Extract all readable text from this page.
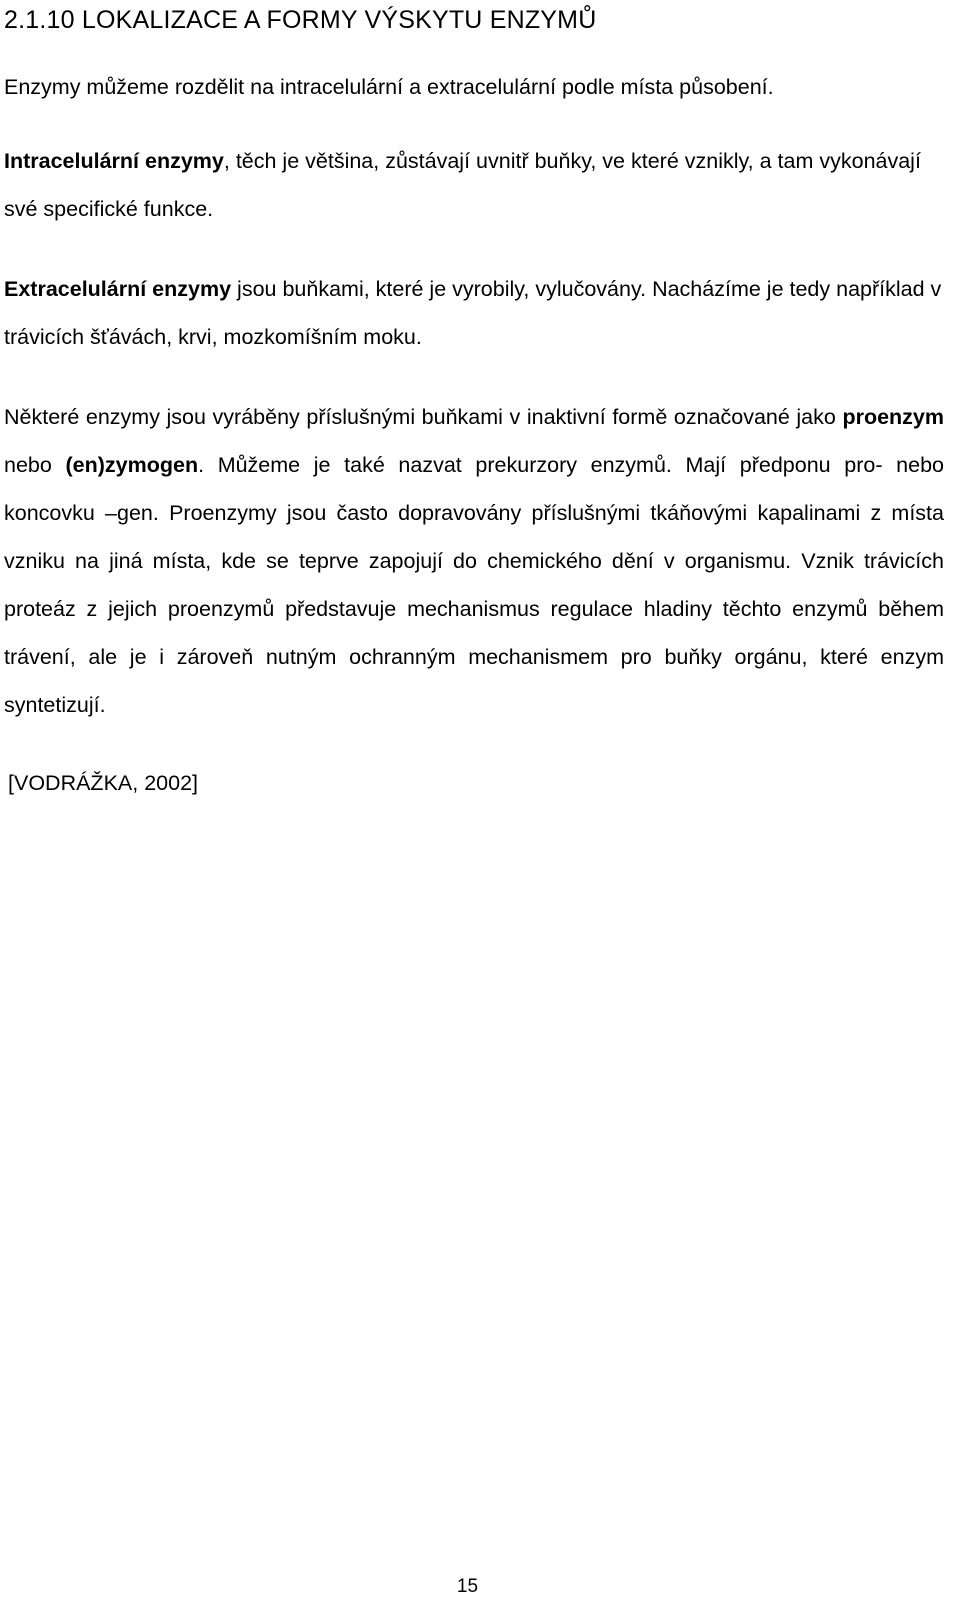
2.1.10 LOKALIZACE A FORMY VÝSKYTU ENZYMŮ

Enzymy můžeme rozdělit na intracelulární a extracelulární podle místa působení.

Intracelulární enzymy, těch je většina, zůstávají uvnitř buňky, ve které vznikly, a tam vykonávají své specifické funkce.

Extracelulární enzymy jsou buňkami, které je vyrobily, vylučovány. Nacházíme je tedy například v trávicích šťávách, krvi, mozkomíšním moku.

Některé enzymy jsou vyráběny příslušnými buňkami v inaktivní formě označované jako proenzym nebo (en)zymogen. Můžeme je také nazvat prekurzory enzymů. Mají předponu pro- nebo koncovku –gen. Proenzymy jsou často dopravovány příslušnými tkáňovými kapalinami z místa vzniku na jiná místa, kde se teprve zapojují do chemického dění v organismu. Vznik trávicích proteáz z jejich proenzymů představuje mechanismus regulace hladiny těchto enzymů během trávení, ale je i zároveň nutným ochranným mechanismem pro buňky orgánu, které enzym syntetizují.

[VODRÁŽKA, 2002]

15
